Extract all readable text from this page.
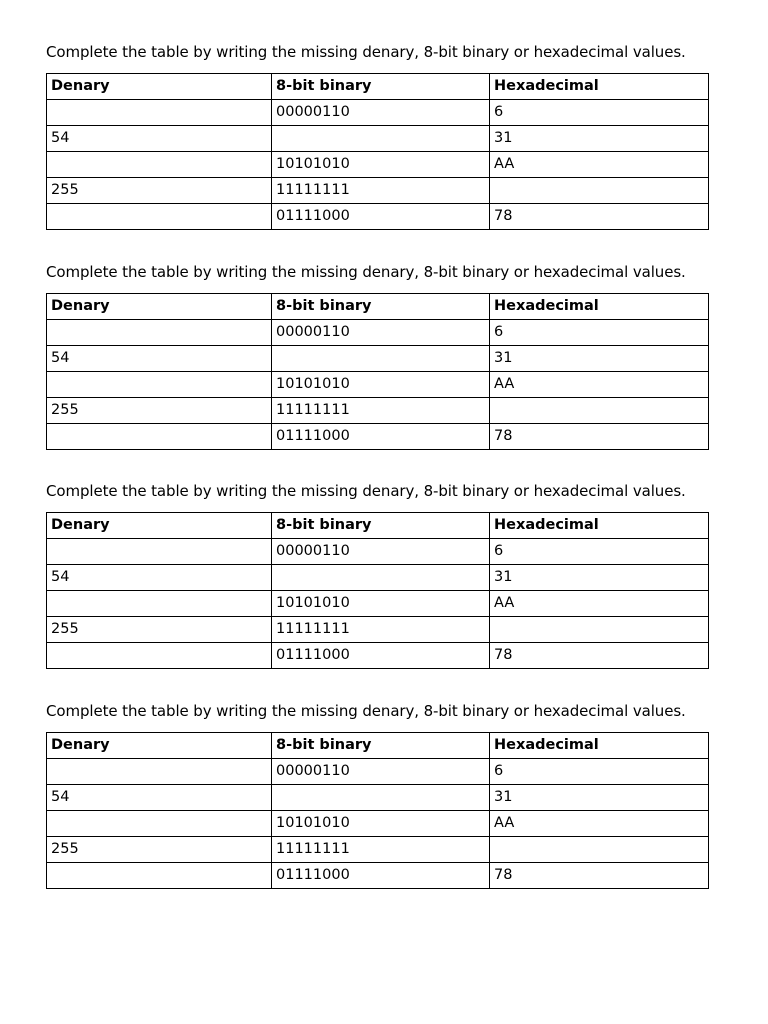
Complete the table by writing the missing denary, 8-bit binary or hexadecimal values.

Denary	8-bit binary	Hexadecimal
	00000110	6
54		31
	10101010	AA
255	11111111	
	01111000	78

Complete the table by writing the missing denary, 8-bit binary or hexadecimal values.

Denary	8-bit binary	Hexadecimal
	00000110	6
54		31
	10101010	AA
255	11111111	
	01111000	78

Complete the table by writing the missing denary, 8-bit binary or hexadecimal values.

Denary	8-bit binary	Hexadecimal
	00000110	6
54		31
	10101010	AA
255	11111111	
	01111000	78

Complete the table by writing the missing denary, 8-bit binary or hexadecimal values.

Denary	8-bit binary	Hexadecimal
	00000110	6
54		31
	10101010	AA
255	11111111	
	01111000	78
